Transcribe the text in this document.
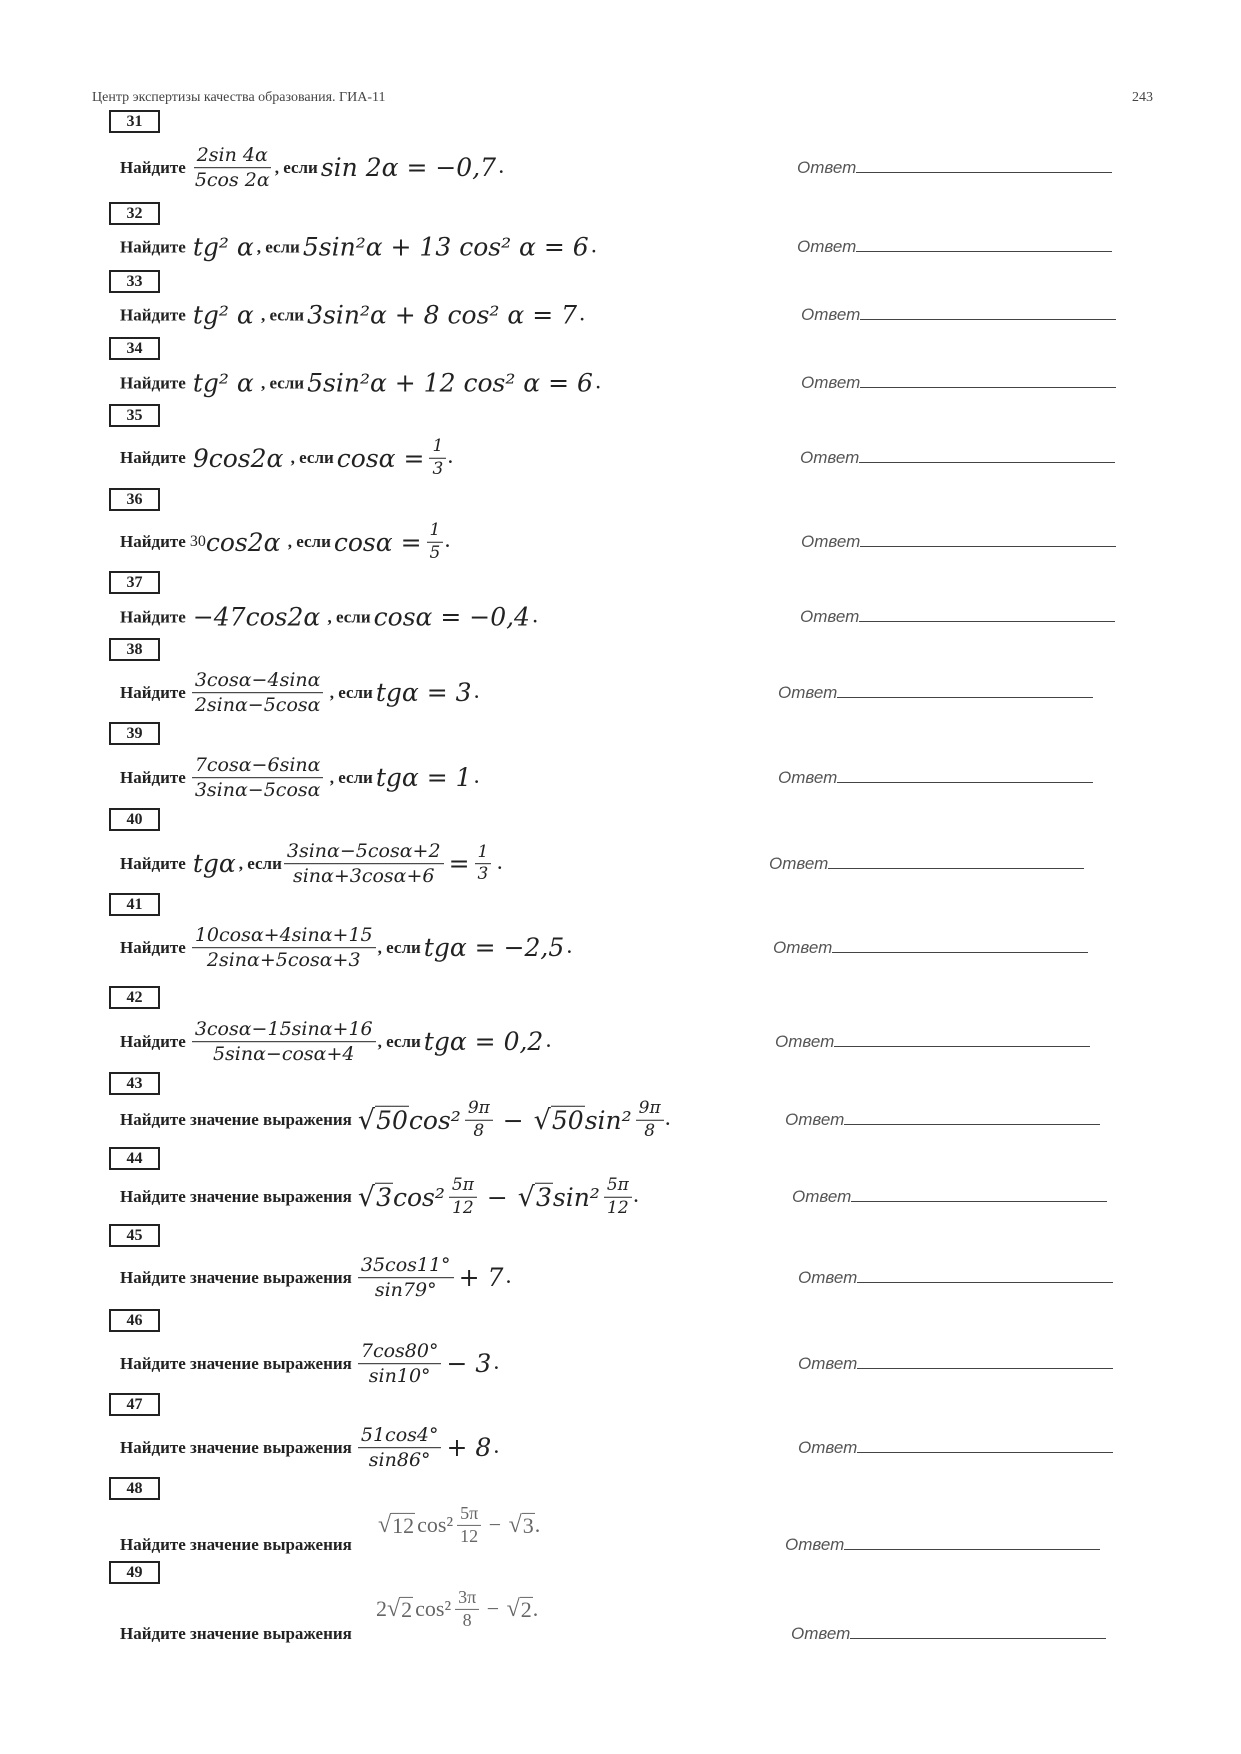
Центр экспертизы качества образования. ГИА-11	243
31
Найдите $\frac{2\sin 4\alpha}{5\cos 2\alpha}$ , если sin 2α = −0,7 .	Ответ
32
Найдите tg² α , если 5sin²α + 13 cos² α = 6 .	Ответ
33
Найдите tg² α , если 3sin²α + 8 cos² α = 7 .	Ответ
34
Найдите tg² α , если 5sin²α + 12 cos² α = 6 .	Ответ
35
Найдите 9cos2α , если $\cos\alpha = \frac{1}{3}$ .	Ответ
36
Найдите 30 cos2α , если $\cos\alpha = \frac{1}{5}$ .	Ответ
37
Найдите −47cos2α , если cosα = −0,4 .	Ответ
38
Найдите $\frac{3\cos\alpha-4\sin\alpha}{2\sin\alpha-5\cos\alpha}$ , если tgα = 3 .	Ответ
39
Найдите $\frac{7\cos\alpha-6\sin\alpha}{3\sin\alpha-5\cos\alpha}$ , если tgα = 1 .	Ответ
40
Найдите tgα , если $\frac{3\sin\alpha-5\cos\alpha+2}{\sin\alpha+3\cos\alpha+6} = \frac{1}{3}$ .	Ответ
41
Найдите $\frac{10\cos\alpha+4\sin\alpha+15}{2\sin\alpha+5\cos\alpha+3}$ , если tgα = −2,5 .	Ответ
42
Найдите $\frac{3\cos\alpha-15\sin\alpha+16}{5\sin\alpha-\cos\alpha+4}$ , если tgα = 0,2 .	Ответ
43
Найдите значение выражения √ 50 $\cos^2 \frac{9\pi}{8}$ − √ 50 $\sin^2 \frac{9\pi}{8}$ .	Ответ
44
Найдите значение выражения √ 3 $\cos^2 \frac{5\pi}{12}$ − √ 3 $\sin^2 \frac{5\pi}{12}$ .	Ответ
45
Найдите значение выражения $\frac{35\cos 11^\circ}{\sin 79^\circ} + 7$ .	Ответ
46
Найдите значение выражения $\frac{7\cos 80^\circ}{\sin 10^\circ} - 3$ .	Ответ
47
Найдите значение выражения $\frac{51\cos 4^\circ}{\sin 86^\circ} + 8$ .	Ответ
48
√ 12 $\cos^2 \frac{5\pi}{12}$ − √ 3 .
Найдите значение выражения	Ответ
49
2 √ 2 $\cos^2 \frac{3\pi}{8}$ − √ 2 .
Найдите значение выражения	Ответ
